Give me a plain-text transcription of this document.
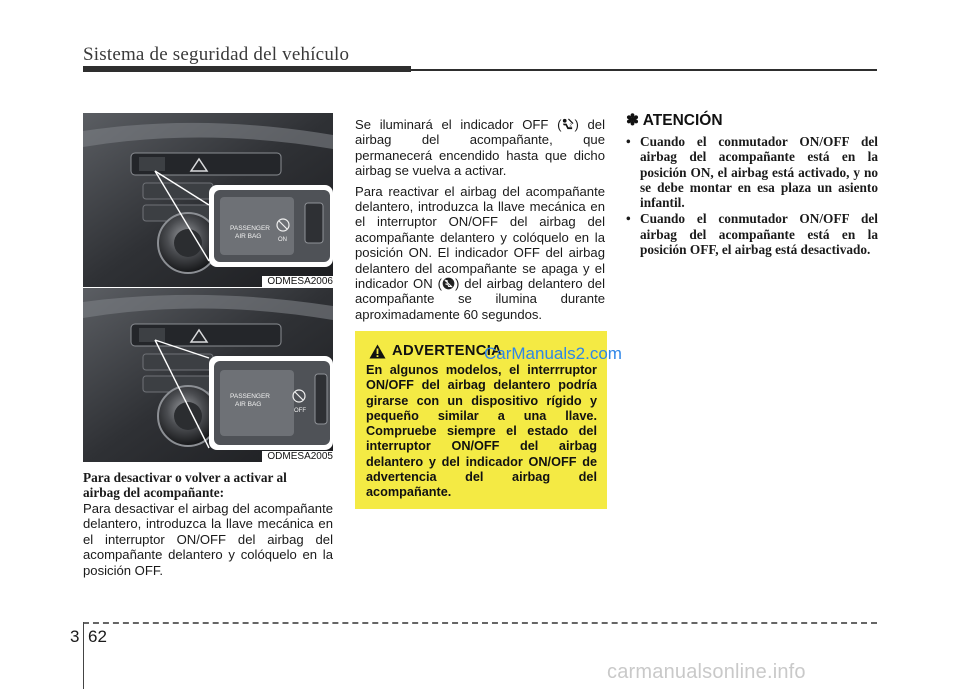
Sistema de seguridad del vehículo
PASSENGER
AIR BAG	ON
ODMESA2006
PASSENGER
AIR BAG
OFF
ODMESA2005
Para desactivar o volver a activar al
airbag del acompañante:
Para desactivar el airbag del acompañante delantero, introduzca la llave mecánica en el interruptor ON/OFF del airbag del acompañante delantero y colóquelo en la posición OFF.

Se iluminará el indicador OFF ( 2 ) del airbag del acompañante, que permanecerá encendido hasta que dicho airbag se vuelva a activar.

Para reactivar el airbag del acompañante delantero, introduzca la llave mecánica en el interruptor ON/OFF del airbag del acompañante delantero y colóquelo en la posición ON. El indicador OFF del airbag delantero del acompañante se apaga y el indicador ON ( ) del airbag delantero del acompañante se ilumina durante aproximadamente 60 segundos.

ADVERTENCIA
En algunos modelos, el interrruptor ON/OFF del airbag delantero podría girarse con un dispositivo rígido y pequeño similar a una llave. Compruebe siempre el estado del interruptor ON/OFF del airbag delantero y del indicador ON/OFF de advertencia del airbag del acompañante.
CarManuals2.com
✽ ATENCIÓN
• Cuando el conmutador ON/OFF del airbag del acompañante está en la posición ON, el airbag está activado, y no se debe montar en esa plaza un asiento infantil.
• Cuando el conmutador ON/OFF del airbag del acompañante está en la posición OFF, el airbag está desactivado.
3 62
carmanualsonline.info
